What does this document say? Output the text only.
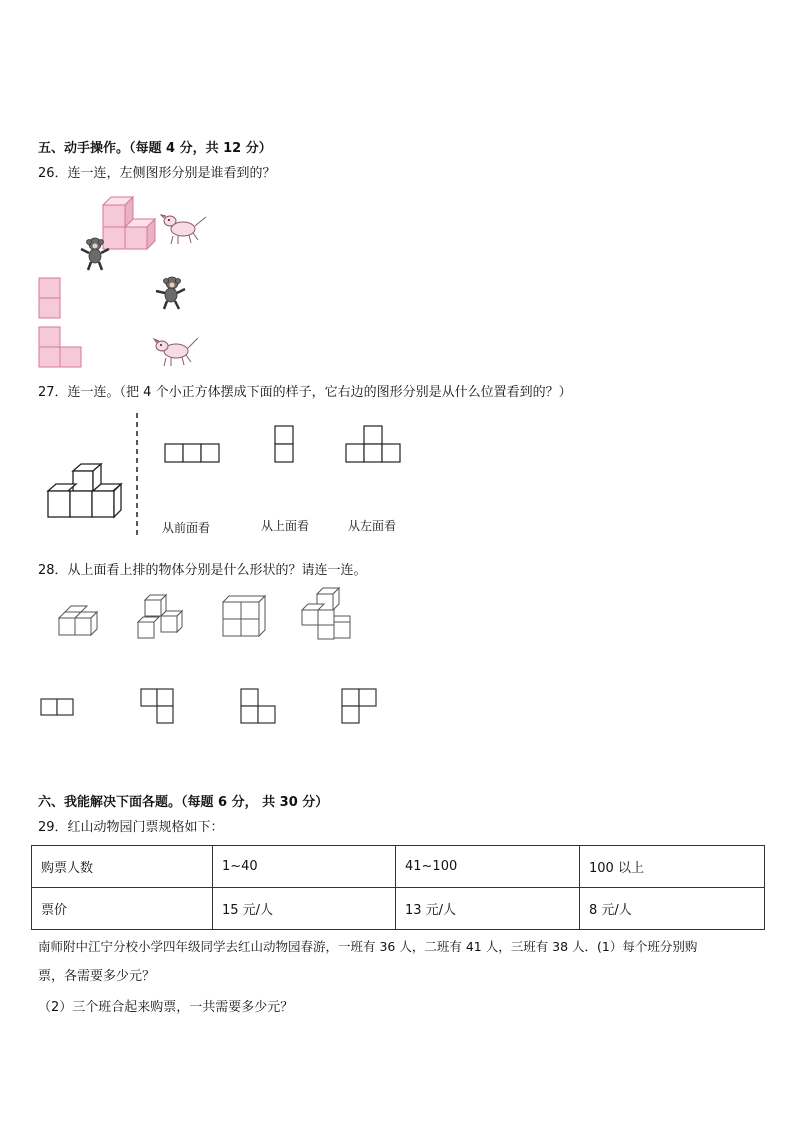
五、动手操作。（每题 4 分，共 12 分）
26．连一连，左侧图形分别是谁看到的？
27．连一连。（把 4 个小正方体摆成下面的样子，它右边的图形分别是从什么位置看到的？）
从前面看	从上面看	从左面看
28．从上面看上排的物体分别是什么形状的？请连一连。
六、我能解决下面各题。（每题 6 分， 共 30 分）
29．红山动物园门票规格如下：
购票人数	1~40	41~100	100 以上
票价	15 元/人	13 元/人	8 元/人
南师附中江宁分校小学四年级同学去红山动物园春游，一班有 36 人，二班有 41 人，三班有 38 人．(1）每个班分别购
票，各需要多少元？
（2）三个班合起来购票，一共需要多少元？
